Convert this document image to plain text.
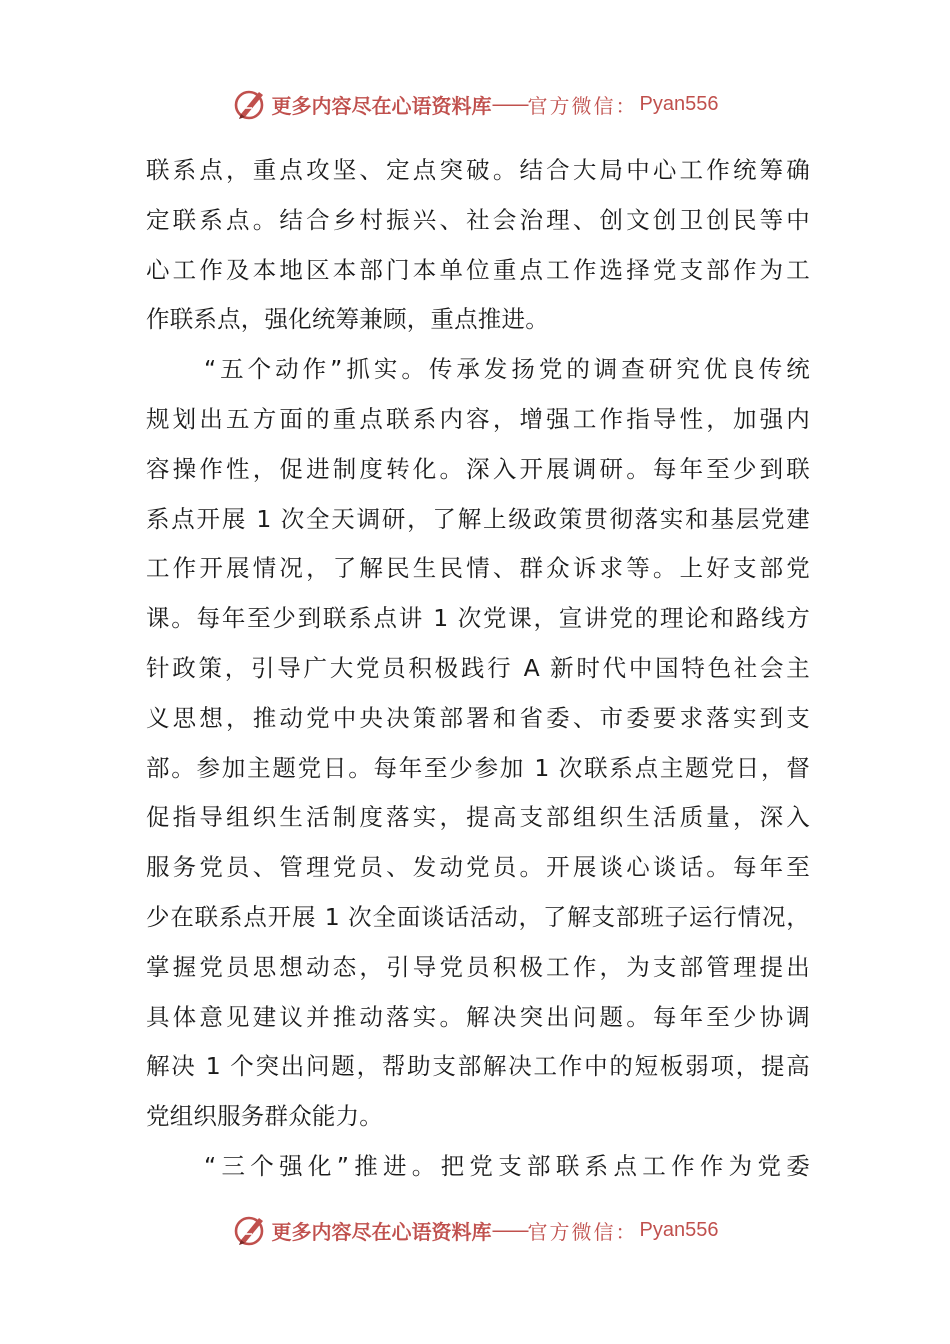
更多内容尽在心语资料库 —— 官方微信： Pyan556
联系点，重点攻坚、定点突破。结合大局中心工作统筹确
定联系点。结合乡村振兴、社会治理、创文创卫创民等中
心工作及本地区本部门本单位重点工作选择党支部作为工
作联系点，强化统筹兼顾，重点推进。
“五个动作”抓实。传承发扬党的调查研究优良传统
规划出五方面的重点联系内容，增强工作指导性，加强内
容操作性，促进制度转化。深入开展调研。每年至少到联
系点开展 1 次全天调研，了解上级政策贯彻落实和基层党建
工作开展情况，了解民生民情、群众诉求等。上好支部党
课。每年至少到联系点讲 1 次党课，宣讲党的理论和路线方
针政策，引导广大党员积极践行 A 新时代中国特色社会主
义思想，推动党中央决策部署和省委、市委要求落实到支
部。参加主题党日。每年至少参加 1 次联系点主题党日，督
促指导组织生活制度落实，提高支部组织生活质量，深入
服务党员、管理党员、发动党员。开展谈心谈话。每年至
少在联系点开展 1 次全面谈话活动，了解支部班子运行情况，
掌握党员思想动态，引导党员积极工作，为支部管理提出
具体意见建议并推动落实。解决突出问题。每年至少协调
解决 1 个突出问题，帮助支部解决工作中的短板弱项，提高
党组织服务群众能力。
“三个强化”推进。把党支部联系点工作作为党委
更多内容尽在心语资料库 —— 官方微信： Pyan556
